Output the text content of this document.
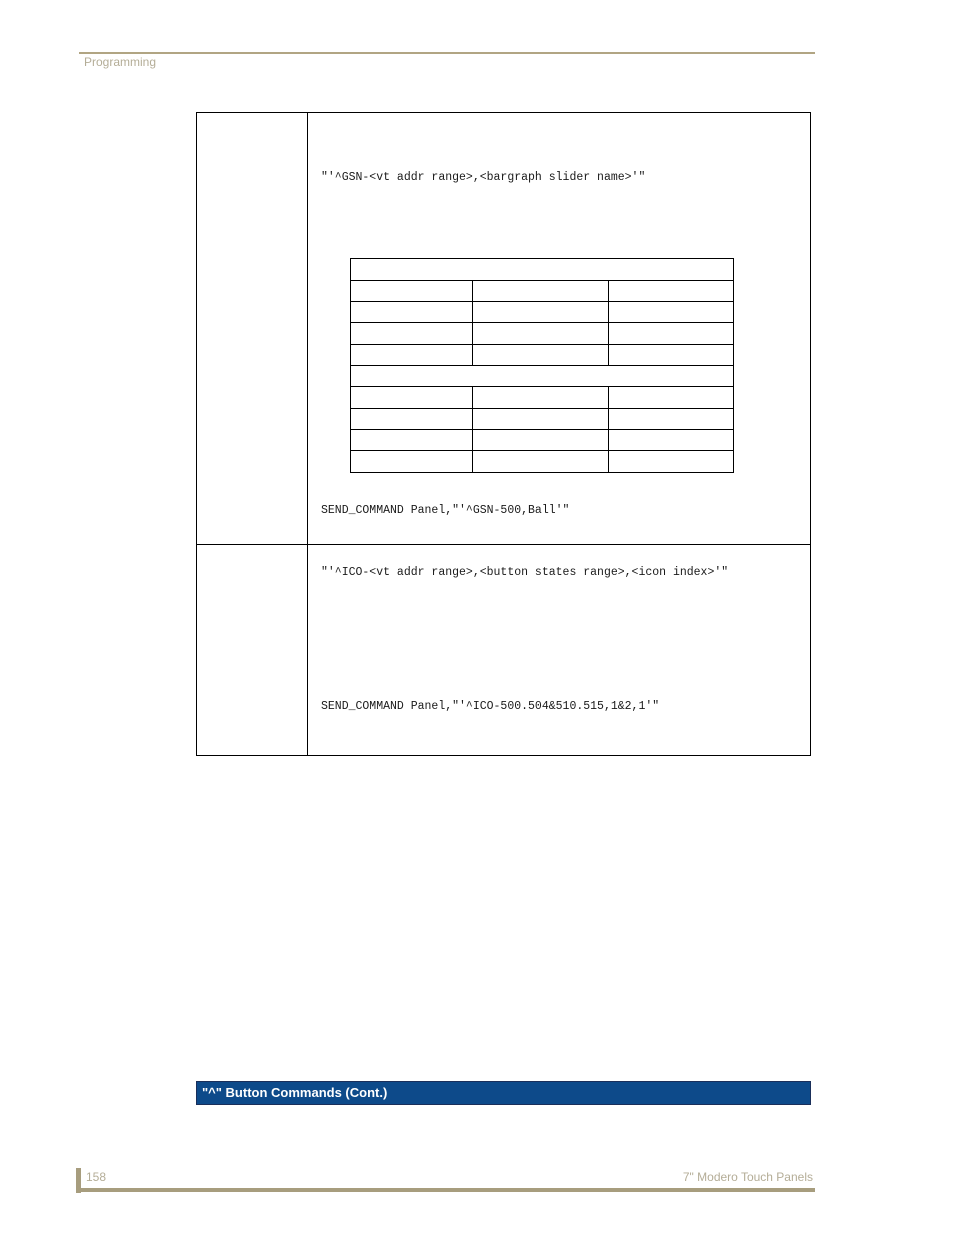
Programming
"'^GSN-<vt addr range>,<bargraph slider name>'"
SEND_COMMAND Panel,"'^GSN-500,Ball'"
"'^ICO-<vt addr range>,<button states range>,<icon index>'"
SEND_COMMAND Panel,"'^ICO-500.504&510.515,1&2,1'"
"^" Button Commands (Cont.)
158	7" Modero Touch Panels
